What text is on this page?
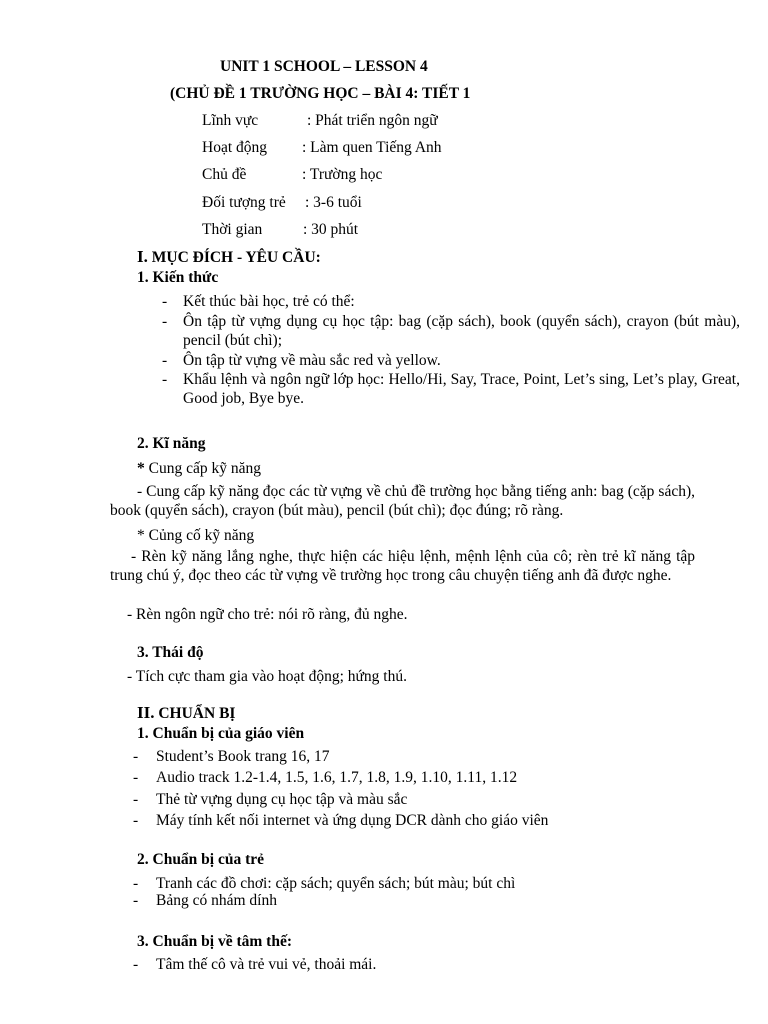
UNIT 1 SCHOOL – LESSON 4
(CHỦ ĐỀ 1 TRƯỜNG HỌC – BÀI 4: TIẾT 1
Lĩnh vực	: Phát triển ngôn ngữ
Hoạt động : Làm quen Tiếng Anh
Chủ đề	: Trường học
Đối tượng trẻ : 3-6 tuổi
Thời gian	: 30 phút
I. MỤC ĐÍCH - YÊU CẦU:
1. Kiến thức
- Kết thúc bài học, trẻ có thể:
- Ôn tập từ vựng dụng cụ học tập: bag (cặp sách), book (quyển sách), crayon (bút màu), pencil (bút chì);
- Ôn tập từ vựng về màu sắc red và yellow.
- Khẩu lệnh và ngôn ngữ lớp học: Hello/Hi, Say, Trace, Point, Let’s sing, Let’s play, Great, Good job, Bye bye.
2. Kĩ năng
* Cung cấp kỹ năng
- Cung cấp kỹ năng đọc các từ vựng về chủ đề trường học bằng tiếng anh: bag (cặp sách), book (quyển sách), crayon (bút màu), pencil (bút chì); đọc đúng; rõ ràng.
* Củng cố kỹ năng
- Rèn kỹ năng lắng nghe, thực hiện các hiệu lệnh, mệnh lệnh của cô; rèn trẻ kĩ năng tập trung chú ý, đọc theo các từ vựng về trường học trong câu chuyện tiếng anh đã được nghe.
- Rèn ngôn ngữ cho trẻ: nói rõ ràng, đủ nghe.
3. Thái độ
- Tích cực tham gia vào hoạt động; hứng thú.
II. CHUẨN BỊ
1. Chuẩn bị của giáo viên
- Student’s Book trang 16, 17
- Audio track 1.2-1.4, 1.5, 1.6, 1.7, 1.8, 1.9, 1.10, 1.11, 1.12
- Thẻ từ vựng dụng cụ học tập và màu sắc
- Máy tính kết nối internet và ứng dụng DCR dành cho giáo viên
2. Chuẩn bị của trẻ
- Tranh các đồ chơi: cặp sách; quyển sách; bút màu; bút chì
- Bảng có nhám dính
3. Chuẩn bị về tâm thế:
- Tâm thế cô và trẻ vui vẻ, thoải mái.
